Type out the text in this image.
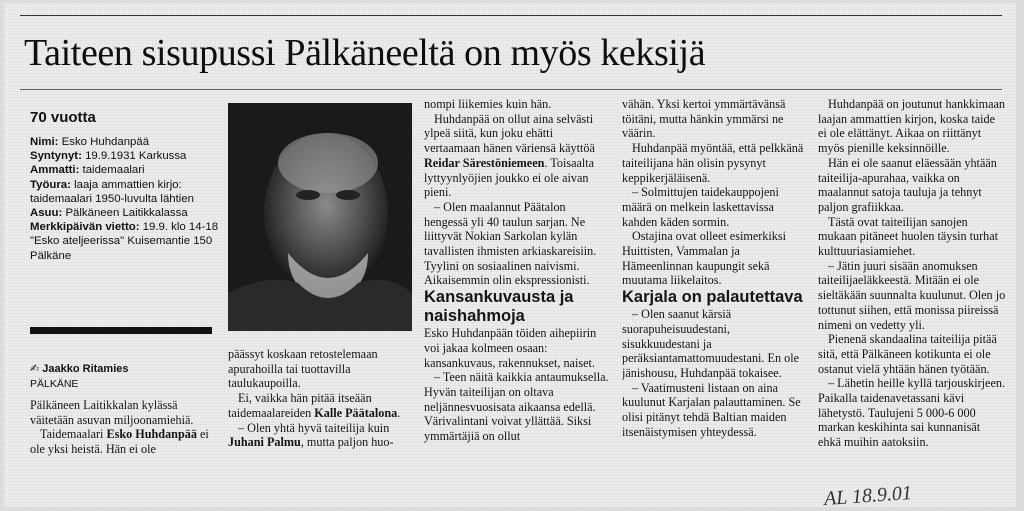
Taiteen sisupussi Pälkäneeltä on myös keksijä
70 vuotta
Nimi: Esko Huhdanpää
Syntynyt: 19.9.1931 Karkussa
Ammatti: taidemaalari
Työura: laaja ammattien kirjo: taidemaalari 1950-luvulta lähtien
Asuu: Pälkäneen Laitikkalassa
Merkkipäivän vietto: 19.9. klo 14-18 "Esko ateljeerissa" Kuisemantie 150 Pälkäne
✍ Jaakko Ritamies
PÄLKÄNE

Pälkäneen Laitikkalan kylässä väitetään asuvan miljoonamiehiä.

Taidemaalari Esko Huhdanpää ei ole yksi heistä. Hän ei ole

päässyt koskaan retostelemaan apurahoilla tai tuottavilla taulukaupoilla.

Ei, vaikka hän pitää itseään taidemaalareiden Kalle Päätalona.

– Olen yhtä hyvä taiteilija kuin Juhani Palmu, mutta paljon huo-

nompi liikemies kuin hän.

Huhdanpää on ollut aina selvästi ylpeä siitä, kun joku ehätti vertaamaan hänen väriensä käyttöä Reidar Särestöniemeen. Toisaalta lyttyynlyöjien joukko ei ole aivan pieni.

– Olen maalannut Päätalon hengessä yli 40 taulun sarjan. Ne liittyvät Nokian Sarkolan kylän tavallisten ihmisten arkiaskareisiin. Tyylini on sosiaalinen naivismi. Aikaisemmin olin ekspressionisti.

Kansankuvausta ja naishahmoja

Esko Huhdanpään töiden aihepiirin voi jakaa kolmeen osaan: kansankuvaus, rakennukset, naiset.

– Teen näitä kaikkia antaumuksella. Hyvän taiteilijan on oltava neljännesvuosisata aikaansa edellä. Värivalintani voivat yllättää. Siksi ymmärtäjiä on ollut

vähän. Yksi kertoi ymmärtävänsä töitäni, mutta hänkin ymmärsi ne väärin.

Huhdanpää myöntää, että pelkkänä taiteilijana hän olisin pysynyt keppikerjäläisenä.

– Solmittujen taidekauppojeni määrä on melkein laskettavissa kahden käden sormin.

Ostajina ovat olleet esimerkiksi Huittisten, Vammalan ja Hämeenlinnan kaupungit sekä muutama liikelaitos.

Karjala on palautettava

– Olen saanut kärsiä suorapuheisuudestani, sisukkuudestani ja peräksiantamattomuudestani. En ole jänishousu, Huhdanpää tokaisee.

– Vaatimusteni listaan on aina kuulunut Karjalan palauttaminen. Se olisi pitänyt tehdä Baltian maiden itsenäistymisen yhteydessä.

Huhdanpää on joutunut hankkimaan laajan ammattien kirjon, koska taide ei ole elättänyt. Aikaa on riittänyt myös pienille keksinnöille.

Hän ei ole saanut eläessään yhtään taiteilija-apurahaa, vaikka on maalannut satoja tauluja ja tehnyt paljon grafiikkaa.

Tästä ovat taiteilijan sanojen mukaan pitäneet huolen täysin turhat kulttuuriasiamiehet.

– Jätin juuri sisään anomuksen taiteilijaeläkkeestä. Mitään ei ole sieltäkään suunnalta kuulunut. Olen jo tottunut siihen, että monissa piireissä nimeni on vedetty yli.

Pienenä skandaalina taiteilija pitää sitä, että Pälkäneen kotikunta ei ole ostanut vielä yhtään hänen työtään.

– Lähetin heille kyllä tarjouskirjeen. Paikalla taidenavetassani kävi lähetystö. Taulujeni 5 000-6 000 markan keskihinta sai kunnanisät ehkä muihin aatoksiin.

AL 18.9.01
